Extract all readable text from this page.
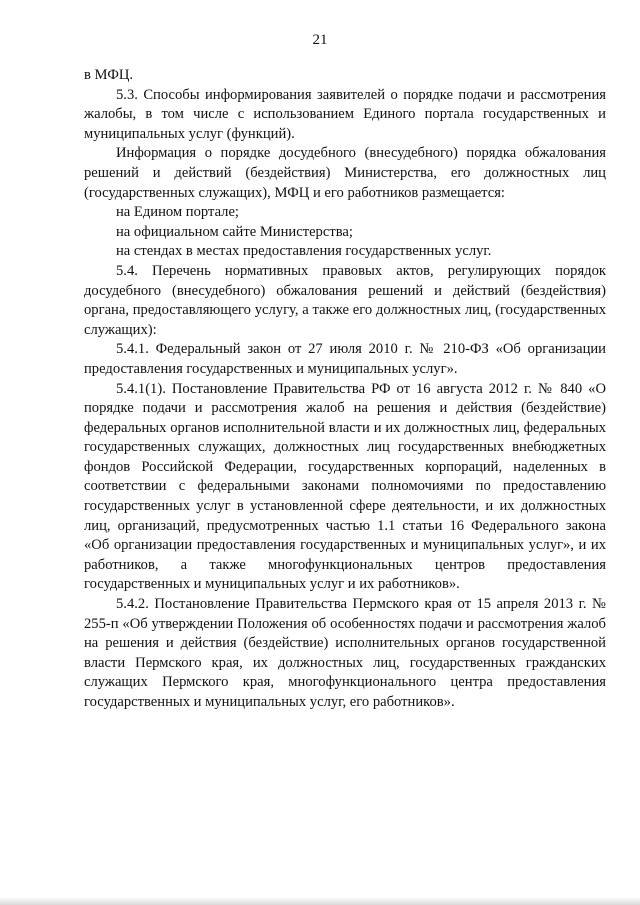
21

в МФЦ.

5.3. Способы информирования заявителей о порядке подачи и рассмотрения жалобы, в том числе с использованием Единого портала государственных и муниципальных услуг (функций).

Информация о порядке досудебного (внесудебного) порядка обжалования решений и действий (бездействия) Министерства, его должностных лиц (государственных служащих), МФЦ и его работников размещается:

на Едином портале;

на официальном сайте Министерства;

на стендах в местах предоставления государственных услуг.

5.4. Перечень нормативных правовых актов, регулирующих порядок досудебного (внесудебного) обжалования решений и действий (бездействия) органа, предоставляющего услугу, а также его должностных лиц, (государственных служащих):

5.4.1. Федеральный закон от 27 июля 2010 г. № 210-ФЗ «Об организации предоставления государственных и муниципальных услуг».

5.4.1(1). Постановление Правительства РФ от 16 августа 2012 г. № 840 «О порядке подачи и рассмотрения жалоб на решения и действия (бездействие) федеральных органов исполнительной власти и их должностных лиц, федеральных государственных служащих, должностных лиц государственных внебюджетных фондов Российской Федерации, государственных корпораций, наделенных в соответствии с федеральными законами полномочиями по предоставлению государственных услуг в установленной сфере деятельности, и их должностных лиц, организаций, предусмотренных частью 1.1 статьи 16 Федерального закона «Об организации предоставления государственных и муниципальных услуг», и их работников, а также многофункциональных центров предоставления государственных и муниципальных услуг и их работников».

5.4.2. Постановление Правительства Пермского края от 15 апреля 2013 г. № 255-п «Об утверждении Положения об особенностях подачи и рассмотрения жалоб на решения и действия (бездействие) исполнительных органов государственной власти Пермского края, их должностных лиц, государственных гражданских служащих Пермского края, многофункционального центра предоставления государственных и муниципальных услуг, его работников».
